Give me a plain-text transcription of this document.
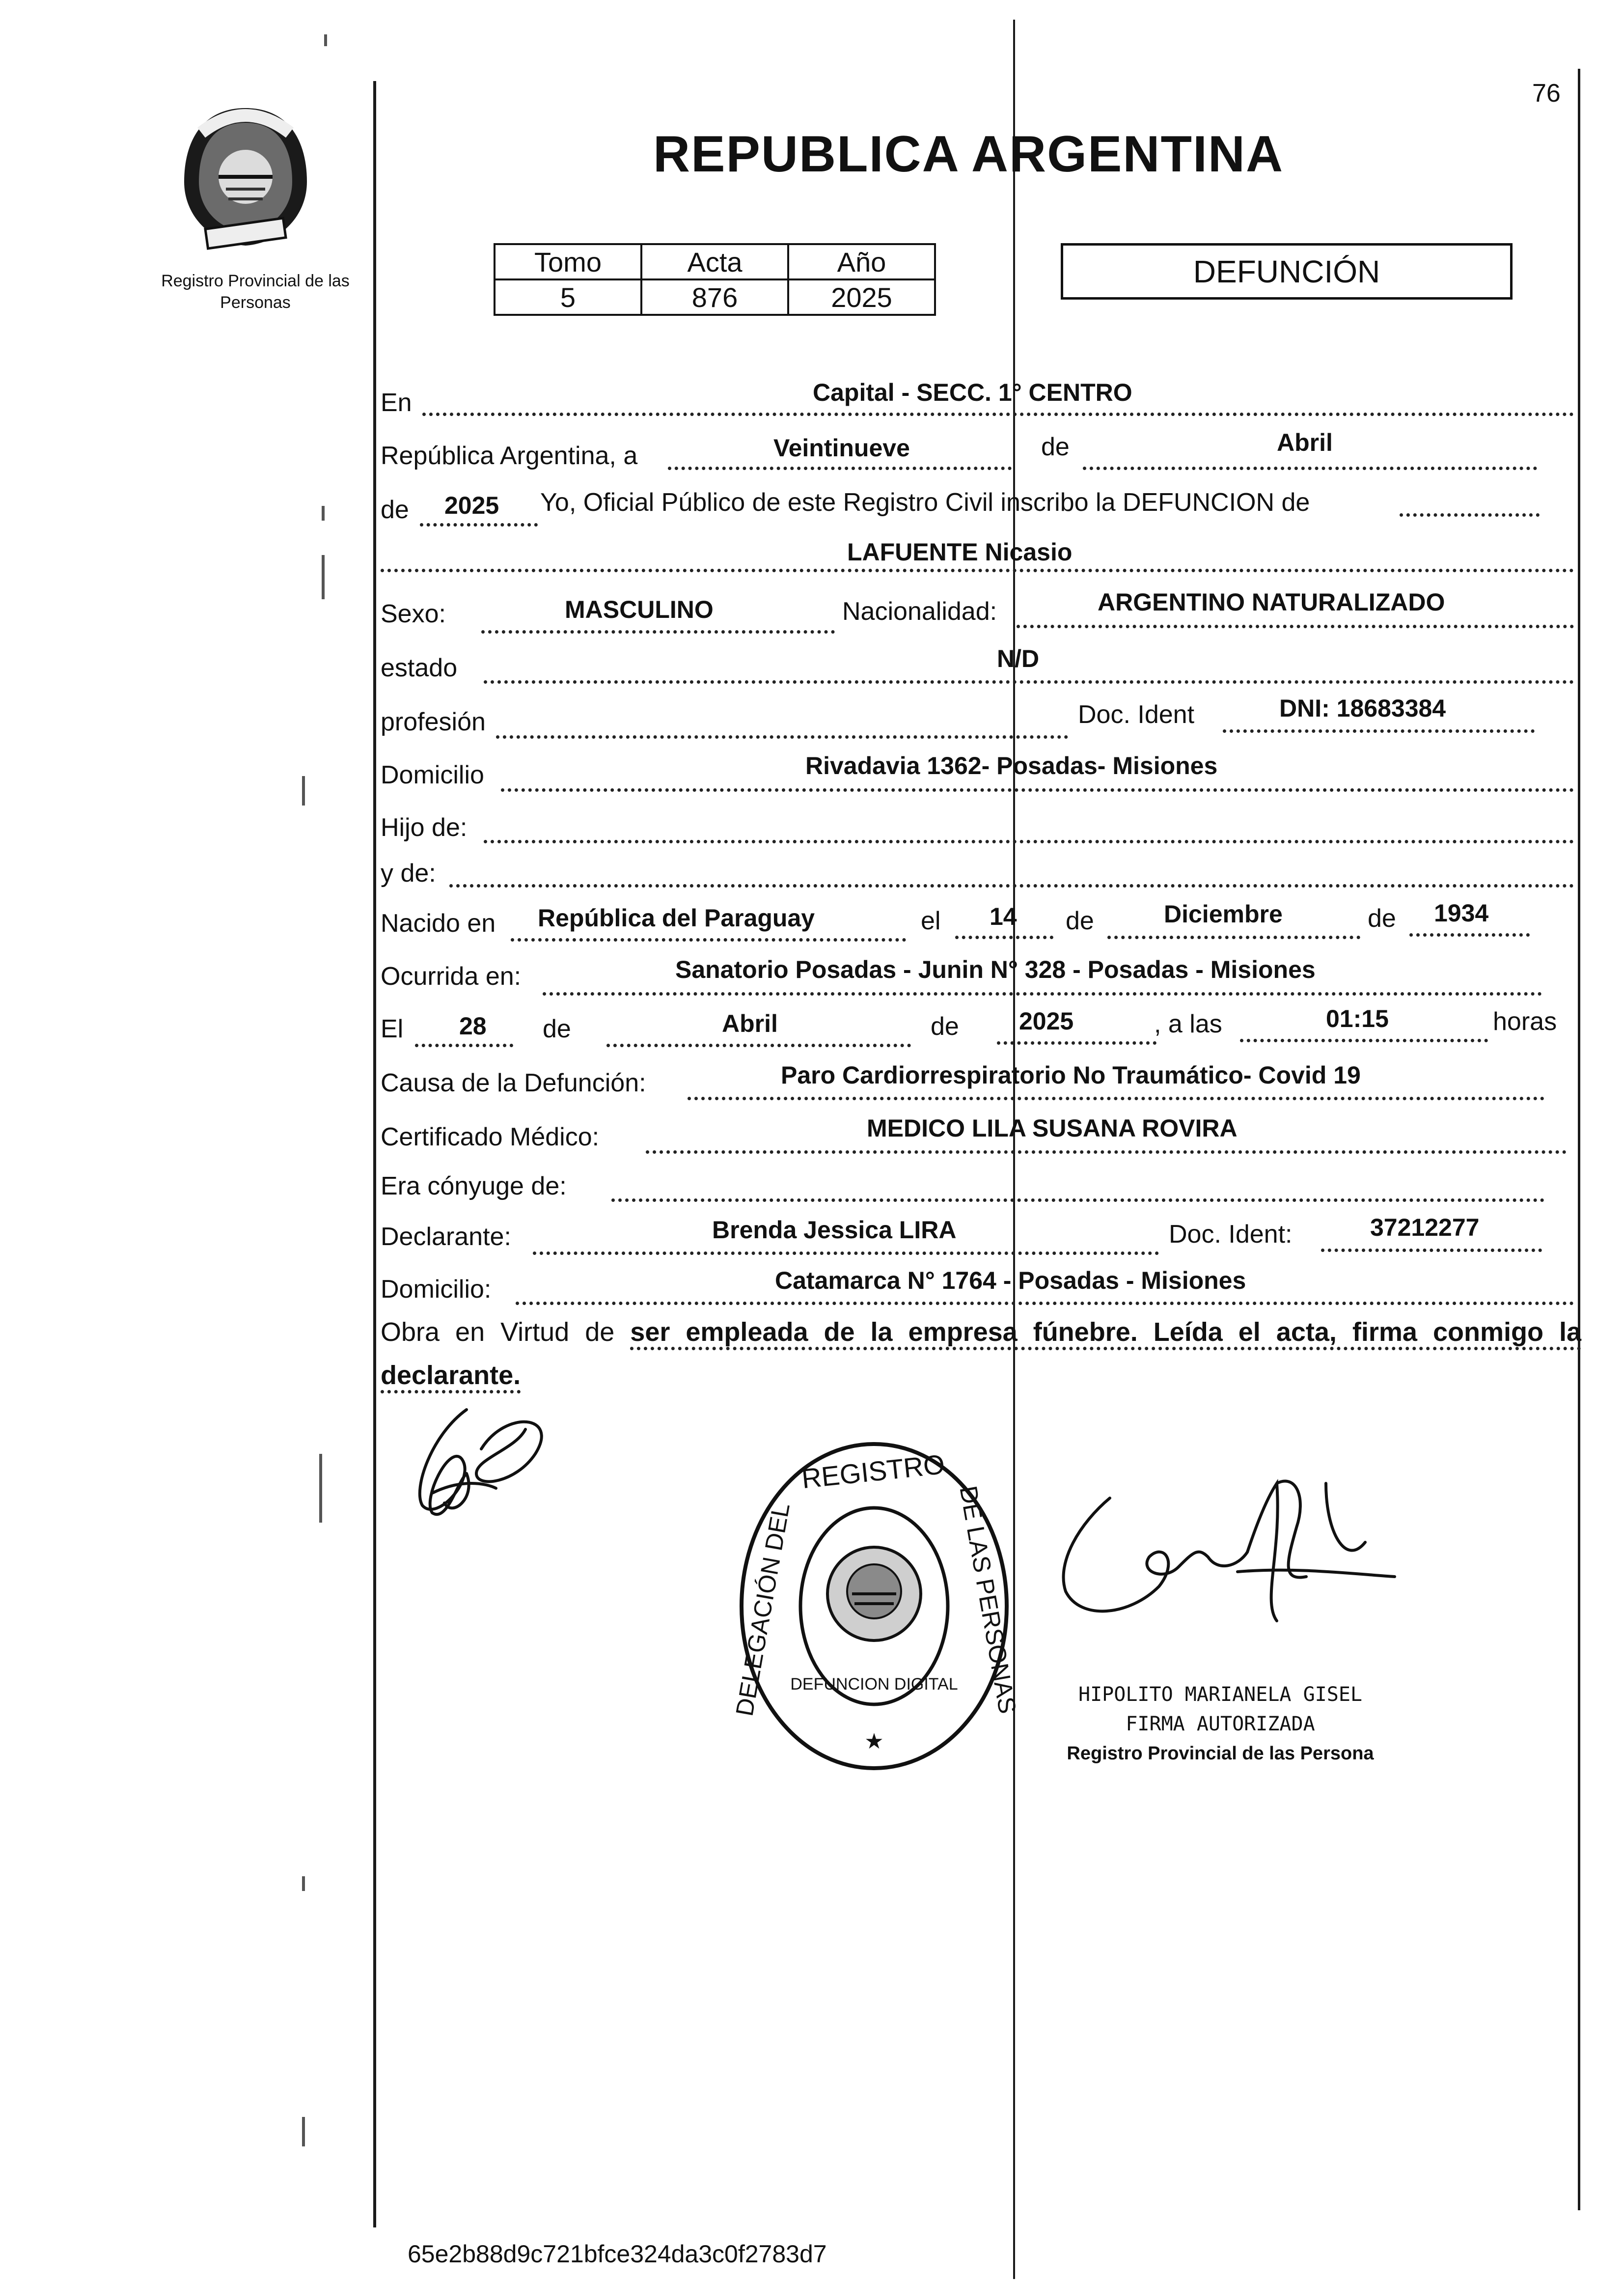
76
Registro Provincial de las Personas
REPUBLICA ARGENTINA
Tomo	Acta	Año
5	876	2025
DEFUNCIÓN
En	Capital - SECC. 1° CENTRO
República Argentina, a	Veintinueve	de	Abril
de 2025 Yo, Oficial Público de este Registro Civil inscribo la DEFUNCION de
LAFUENTE Nicasio
Sexo:	MASCULINO	Nacionalidad:	ARGENTINO NATURALIZADO
estado	N/D
profesión	Doc. Ident	DNI: 18683384
Domicilio	Rivadavia 1362- Posadas- Misiones
Hijo de:
y de:
Nacido en República del Paraguay	el 14 de	Diciembre	de 1934
Ocurrida en:	Sanatorio Posadas - Junin N° 328 - Posadas - Misiones
El 28 de	Abril	de 2025	, a las	01:15	horas
Causa de la Defunción:	Paro Cardiorrespiratorio No Traumático- Covid 19
Certificado Médico:	MEDICO LILA SUSANA ROVIRA
Era cónyuge de:
Declarante:	Brenda Jessica LIRA	Doc. Ident:	37212277
Domicilio:	Catamarca N° 1764 - Posadas - Misiones
Obra en Virtud de ser empleada de la empresa fúnebre. Leída el acta, firma conmigo la declarante.
REGISTRO
DELEGACIÓN DEL	DE LAS PERSONAS
DEFUNCION DIGITAL
★
HIPOLITO MARIANELA GISEL
FIRMA AUTORIZADA
Registro Provincial de las Persona
65e2b88d9c721bfce324da3c0f2783d7
